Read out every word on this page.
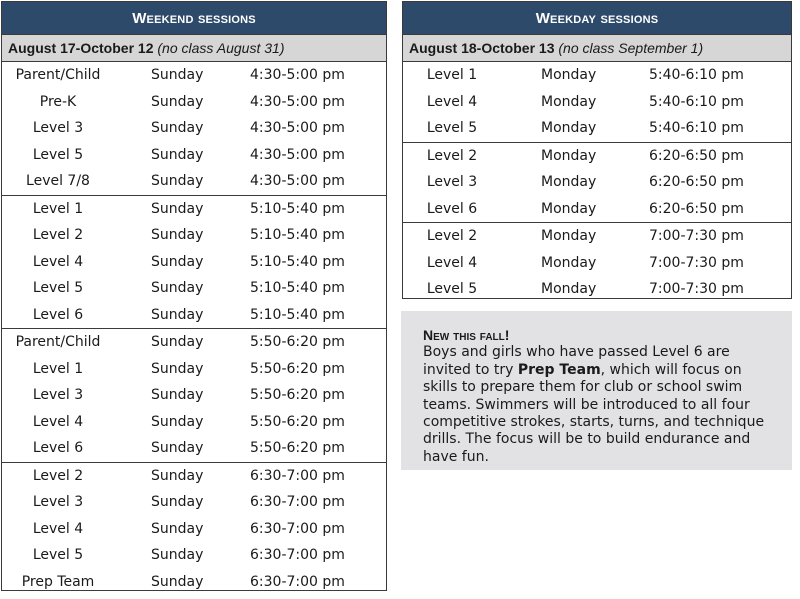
Weekend sessions
August 17-October 12 (no class August 31)
Parent/Child	Sunday	4:30-5:00 pm
Pre-K	Sunday	4:30-5:00 pm
Level 3	Sunday	4:30-5:00 pm
Level 5	Sunday	4:30-5:00 pm
Level 7/8	Sunday	4:30-5:00 pm
Level 1	Sunday	5:10-5:40 pm
Level 2	Sunday	5:10-5:40 pm
Level 4	Sunday	5:10-5:40 pm
Level 5	Sunday	5:10-5:40 pm
Level 6	Sunday	5:10-5:40 pm
Parent/Child	Sunday	5:50-6:20 pm
Level 1	Sunday	5:50-6:20 pm
Level 3	Sunday	5:50-6:20 pm
Level 4	Sunday	5:50-6:20 pm
Level 6	Sunday	5:50-6:20 pm
Level 2	Sunday	6:30-7:00 pm
Level 3	Sunday	6:30-7:00 pm
Level 4	Sunday	6:30-7:00 pm
Level 5	Sunday	6:30-7:00 pm
Prep Team	Sunday	6:30-7:00 pm
Weekday sessions
August 18-October 13 (no class September 1)
Level 1	Monday	5:40-6:10 pm
Level 4	Monday	5:40-6:10 pm
Level 5	Monday	5:40-6:10 pm
Level 2	Monday	6:20-6:50 pm
Level 3	Monday	6:20-6:50 pm
Level 6	Monday	6:20-6:50 pm
Level 2	Monday	7:00-7:30 pm
Level 4	Monday	7:00-7:30 pm
Level 5	Monday	7:00-7:30 pm
New this fall!

Boys and girls who have passed Level 6 are invited to try Prep Team, which will focus on skills to prepare them for club or school swim teams. Swimmers will be introduced to all four competitive strokes, starts, turns, and technique drills. The focus will be to build endurance and have fun.
